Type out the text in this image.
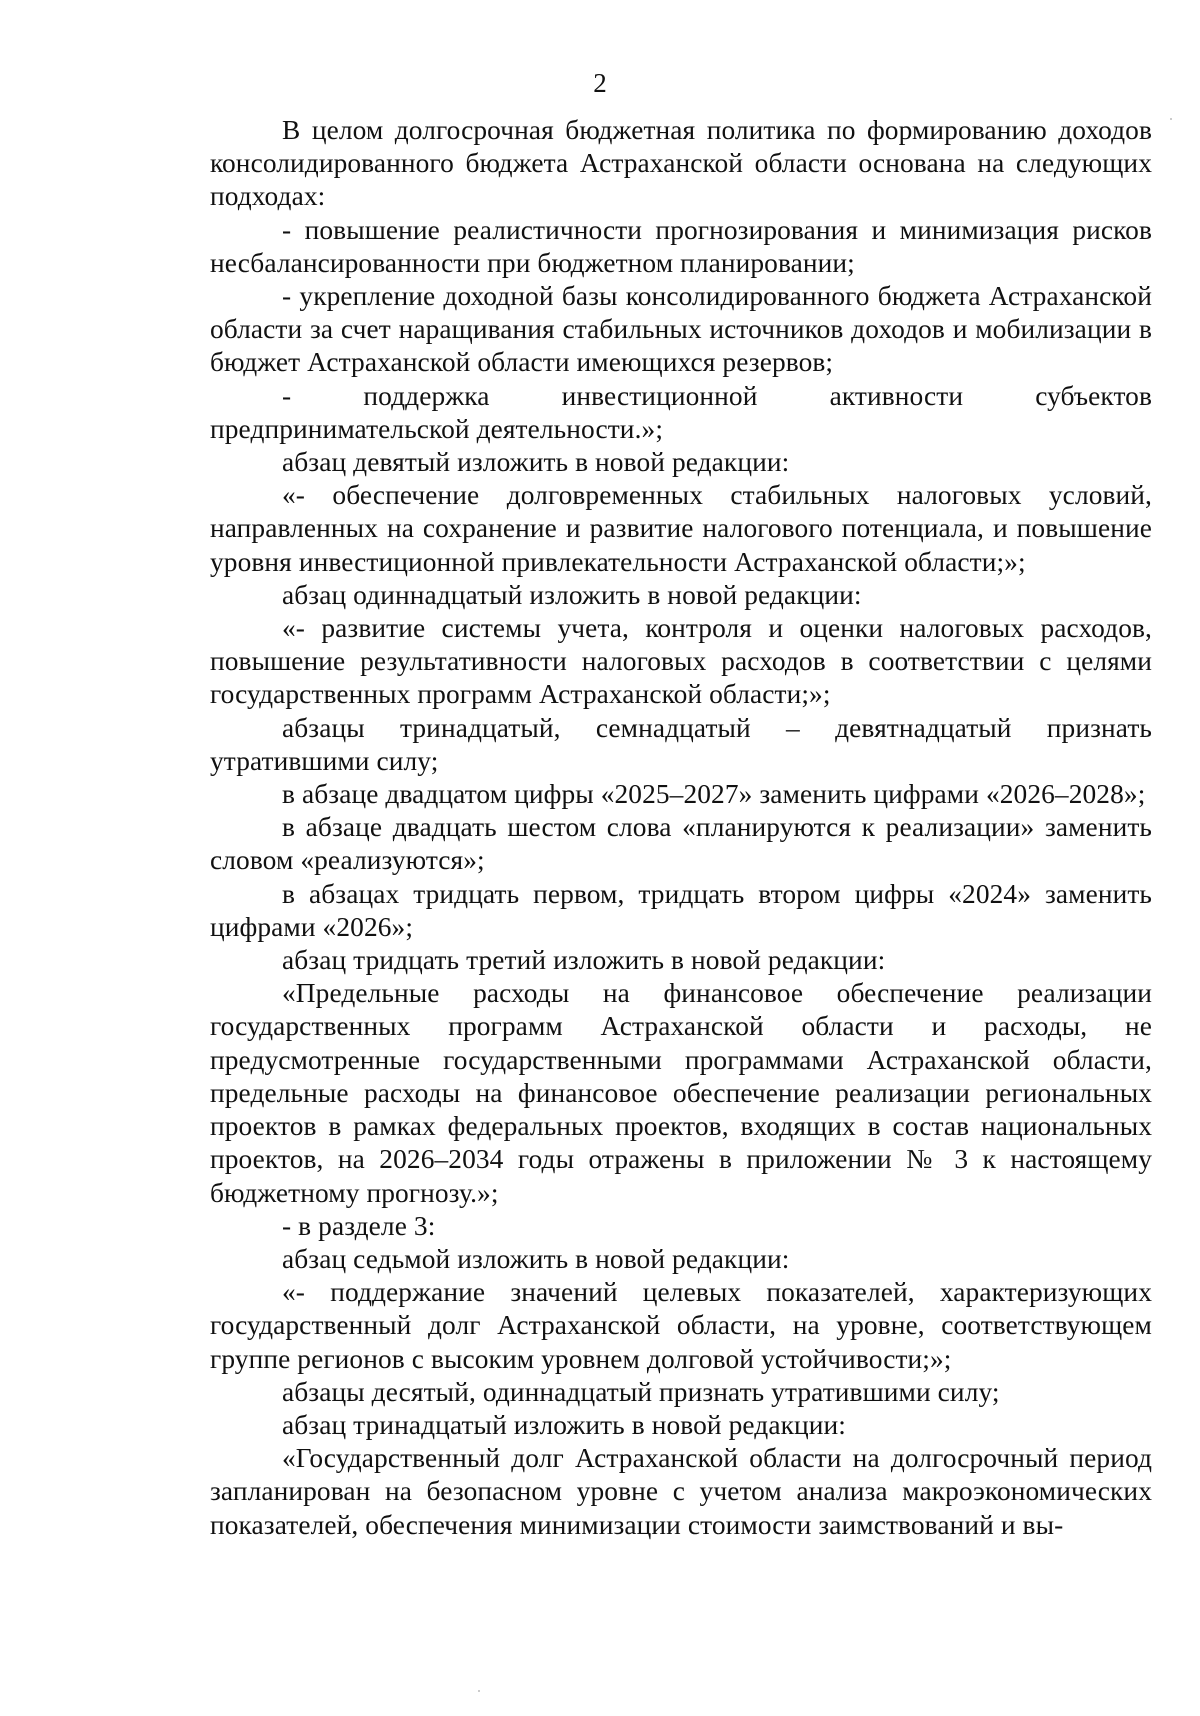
2

В целом долгосрочная бюджетная политика по формированию доходов консолидированного бюджета Астраханской области основана на следующих подходах:

- повышение реалистичности прогнозирования и минимизация рисков несбалансированности при бюджетном планировании;

- укрепление доходной базы консолидированного бюджета Астраханской области за счет наращивания стабильных источников доходов и мобилизации в бюджет Астраханской области имеющихся резервов;

- поддержка инвестиционной активности субъектов предпринимательской деятельности.»;

абзац девятый изложить в новой редакции:

«- обеспечение долговременных стабильных налоговых условий, направленных на сохранение и развитие налогового потенциала, и повышение уровня инвестиционной привлекательности Астраханской области;»;

абзац одиннадцатый изложить в новой редакции:

«- развитие системы учета, контроля и оценки налоговых расходов, повышение результативности налоговых расходов в соответствии с целями государственных программ Астраханской области;»;

абзацы тринадцатый, семнадцатый – девятнадцатый признать утратившими силу;

в абзаце двадцатом цифры «2025–2027» заменить цифрами «2026–2028»;

в абзаце двадцать шестом слова «планируются к реализации» заменить словом «реализуются»;

в абзацах тридцать первом, тридцать втором цифры «2024» заменить цифрами «2026»;

абзац тридцать третий изложить в новой редакции:

«Предельные расходы на финансовое обеспечение реализации государственных программ Астраханской области и расходы, не предусмотренные государственными программами Астраханской области, предельные расходы на финансовое обеспечение реализации региональных проектов в рамках федеральных проектов, входящих в состав национальных проектов, на 2026–2034 годы отражены в приложении № 3 к настоящему бюджетному прогнозу.»;

- в разделе 3:

абзац седьмой изложить в новой редакции:

«- поддержание значений целевых показателей, характеризующих государственный долг Астраханской области, на уровне, соответствующем группе регионов с высоким уровнем долговой устойчивости;»;

абзацы десятый, одиннадцатый признать утратившими силу;

абзац тринадцатый изложить в новой редакции:

«Государственный долг Астраханской области на долгосрочный период запланирован на безопасном уровне с учетом анализа макроэкономических показателей, обеспечения минимизации стоимости заимствований и вы-
